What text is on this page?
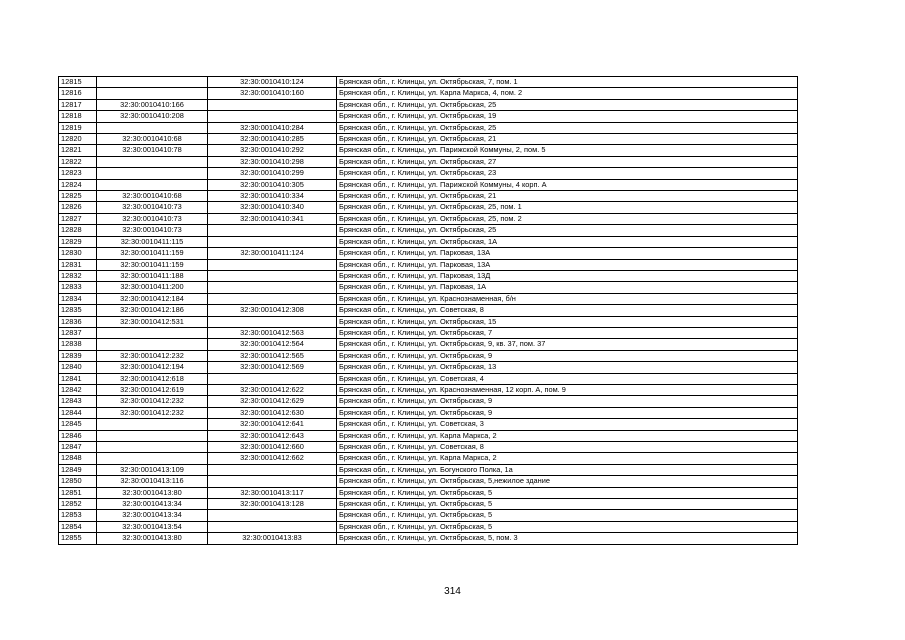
12815		32:30:0010410:124	Брянская обл., г. Клинцы, ул. Октябрьская, 7, пом. 1
12816		32:30:0010410:160	Брянская обл., г. Клинцы, ул. Карла Маркса, 4, пом. 2
12817	32:30:0010410:166		Брянская обл., г. Клинцы, ул. Октябрьская, 25
12818	32:30:0010410:208		Брянская обл., г. Клинцы, ул. Октябрьская, 19
12819		32:30:0010410:284	Брянская обл., г. Клинцы, ул. Октябрьская, 25
12820	32:30:0010410:68	32:30:0010410:285	Брянская обл., г. Клинцы, ул. Октябрьская, 21
12821	32:30:0010410:78	32:30:0010410:292	Брянская обл., г. Клинцы, ул. Парижской Коммуны, 2, пом. 5
12822		32:30:0010410:298	Брянская обл., г. Клинцы, ул. Октябрьская, 27
12823		32:30:0010410:299	Брянская обл., г. Клинцы, ул. Октябрьская, 23
12824		32:30:0010410:305	Брянская обл., г. Клинцы, ул. Парижской Коммуны, 4 корп. А
12825	32:30:0010410:68	32:30:0010410:334	Брянская обл., г. Клинцы, ул. Октябрьская, 21
12826	32:30:0010410:73	32:30:0010410:340	Брянская обл., г. Клинцы, ул. Октябрьская, 25, пом. 1
12827	32:30:0010410:73	32:30:0010410:341	Брянская обл., г. Клинцы, ул. Октябрьская, 25, пом. 2
12828	32:30:0010410:73		Брянская обл., г. Клинцы, ул. Октябрьская, 25
12829	32:30:0010411:115		Брянская обл., г. Клинцы, ул. Октябрьская, 1А
12830	32:30:0010411:159	32:30:0010411:124	Брянская обл., г. Клинцы, ул. Парковая, 13А
12831	32:30:0010411:159		Брянская обл., г. Клинцы, ул. Парковая, 13А
12832	32:30:0010411:188		Брянская обл., г. Клинцы, ул. Парковая, 13Д
12833	32:30:0010411:200		Брянская обл., г. Клинцы, ул. Парковая, 1А
12834	32:30:0010412:184		Брянская обл., г. Клинцы, ул. Краснознаменная, б/н
12835	32:30:0010412:186	32:30:0010412:308	Брянская обл., г. Клинцы, ул. Советская, 8
12836	32:30:0010412:531		Брянская обл., г. Клинцы, ул. Октябрьская, 15
12837		32:30:0010412:563	Брянская обл., г. Клинцы, ул. Октябрьская, 7
12838		32:30:0010412:564	Брянская обл., г. Клинцы, ул. Октябрьская, 9, кв. 37, пом. 37
12839	32:30:0010412:232	32:30:0010412:565	Брянская обл., г. Клинцы, ул. Октябрьская, 9
12840	32:30:0010412:194	32:30:0010412:569	Брянская обл., г. Клинцы, ул. Октябрьская, 13
12841	32:30:0010412:618		Брянская обл., г. Клинцы, ул. Советская, 4
12842	32:30:0010412:619	32:30:0010412:622	Брянская обл., г. Клинцы, ул. Краснознаменная, 12 корп. А, пом. 9
12843	32:30:0010412:232	32:30:0010412:629	Брянская обл., г. Клинцы, ул. Октябрьская, 9
12844	32:30:0010412:232	32:30:0010412:630	Брянская обл., г. Клинцы, ул. Октябрьская, 9
12845		32:30:0010412:641	Брянская обл., г. Клинцы, ул. Советская, 3
12846		32:30:0010412:643	Брянская обл., г. Клинцы, ул. Карла Маркса, 2
12847		32:30:0010412:660	Брянская обл., г. Клинцы, ул. Советская, 8
12848		32:30:0010412:662	Брянская обл., г. Клинцы, ул. Карла Маркса, 2
12849	32:30:0010413:109		Брянская обл., г. Клинцы, ул. Богунского Полка, 1а
12850	32:30:0010413:116		Брянская обл., г. Клинцы, ул. Октябрьская, 5,нежилое здание
12851	32:30:0010413:80	32:30:0010413:117	Брянская обл., г. Клинцы, ул. Октябрьская, 5
12852	32:30:0010413:34	32:30:0010413:128	Брянская обл., г. Клинцы, ул. Октябрьская, 5
12853	32:30:0010413:34		Брянская обл., г. Клинцы, ул. Октябрьская, 5
12854	32:30:0010413:54		Брянская обл., г. Клинцы, ул. Октябрьская, 5
12855	32:30:0010413:80	32:30:0010413:83	Брянская обл., г. Клинцы, ул. Октябрьская, 5, пом. 3
314
